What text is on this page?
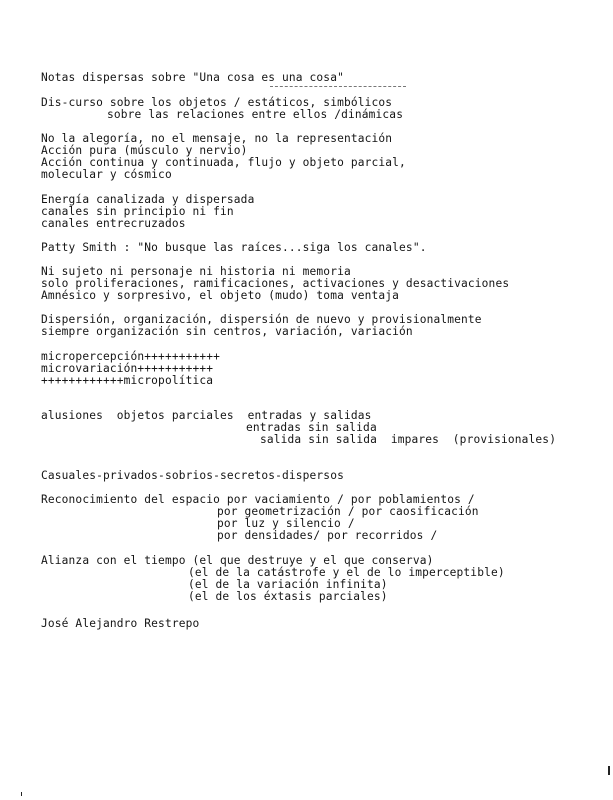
Notas dispersas sobre "Una cosa es una cosa"
Dis-curso sobre los objetos / estáticos, simbólicos
sobre las relaciones entre ellos /dinámicas
No la alegoría, no el mensaje, no la representación
Acción pura (músculo y nervio)
Acción continua y continuada, flujo y objeto parcial,
molecular y cósmico
Energía canalizada y dispersada
canales sin principio ni fin
canales entrecruzados
Patty Smith : "No busque las raíces...siga los canales".
Ni sujeto ni personaje ni historia ni memoria
solo proliferaciones, ramificaciones, activaciones y desactivaciones
Amnésico y sorpresivo, el objeto (mudo) toma ventaja
Dispersión, organización, dispersión de nuevo y provisionalmente
siempre organización sin centros, variación, variación
micropercepción+++++++++++
microvariación+++++++++++
++++++++++++micropolítica
alusiones  objetos parciales  entradas y salidas
entradas sin salida
salida sin salida  impares  (provisionales)
Casuales-privados-sobrios-secretos-dispersos
Reconocimiento del espacio por vaciamiento / por poblamientos /
por geometrización / por caosificación
por luz y silencio /
por densidades/ por recorridos /
Alianza con el tiempo (el que destruye y el que conserva)
(el de la catástrofe y el de lo imperceptible)
(el de la variación infinita)
(el de los éxtasis parciales)
José Alejandro Restrepo
